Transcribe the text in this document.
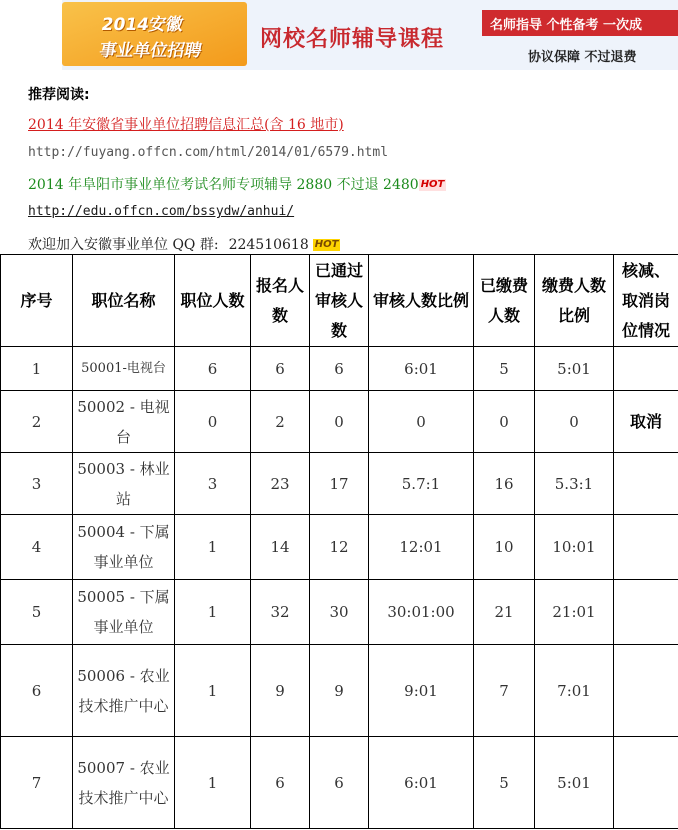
2014安徽
事业单位招聘	网校名师辅导课程
名师指导 个性备考 一次成
协议保障 不过退费
推荐阅读:
2014 年安徽省事业单位招聘信息汇总(含 16 地市)
http://fuyang.offcn.com/html/2014/01/6579.html
2014 年阜阳市事业单位考试名师专项辅导 2880 不过退 2480 HOT
http://edu.offcn.com/bssydw/anhui/
欢迎加入安徽事业单位 QQ 群: 224510618 HOT
序号	职位名称	职位人数	报名人数	已通过审核人数	审核人数比例	已缴费人数	缴费人数比例	核减、取消岗位情况
1	50001-电视台	6	6	6	6:01	5	5:01	
2	50002 - 电视台	0	2	0	0	0	0	取消
3	50003 - 林业站	3	23	17	5.7:1	16	5.3:1	
4	50004 - 下属事业单位	1	14	12	12:01	10	10:01	
5	50005 - 下属事业单位	1	32	30	30:01:00	21	21:01	
6	50006 - 农业技术推广中心	1	9	9	9:01	7	7:01	
7	50007 - 农业技术推广中心	1	6	6	6:01	5	5:01	
